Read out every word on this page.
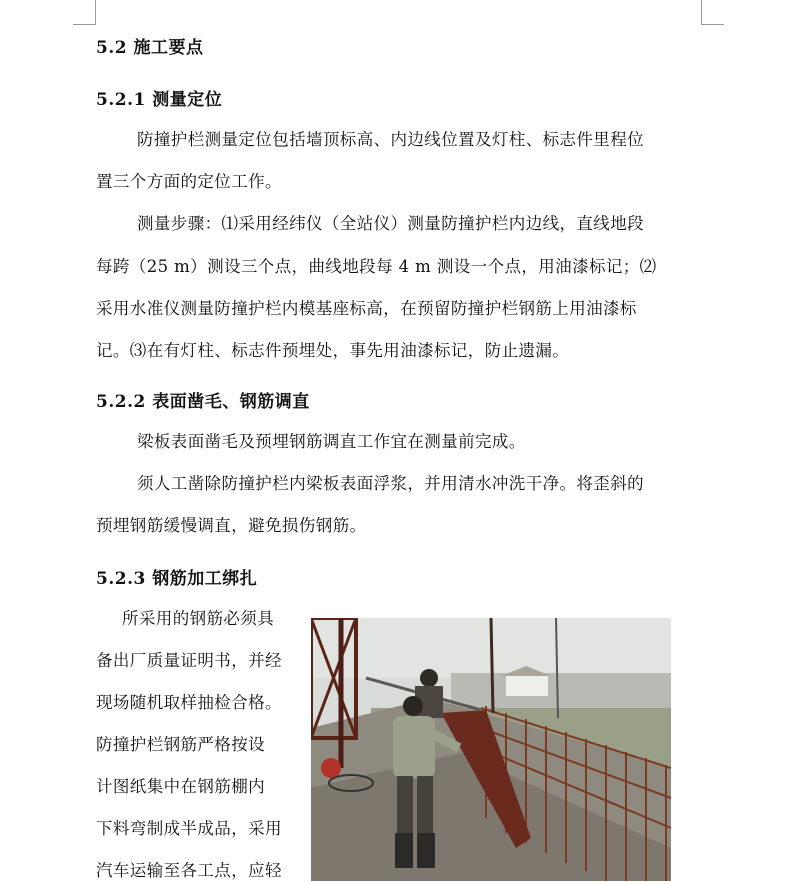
5.2 施工要点
5.2.1 测量定位

防撞护栏测量定位包括墙顶标高、内边线位置及灯柱、标志件里程位

置三个方面的定位工作。

测量步骤：⑴采用经纬仪（全站仪）测量防撞护栏内边线，直线地段

每跨（25 m）测设三个点，曲线地段每 4 m 测设一个点，用油漆标记；⑵

采用水准仪测量防撞护栏内模基座标高，在预留防撞护栏钢筋上用油漆标

记。⑶在有灯柱、标志件预埋处，事先用油漆标记，防止遗漏。

5.2.2 表面凿毛、钢筋调直

梁板表面凿毛及预埋钢筋调直工作宜在测量前完成。

须人工凿除防撞护栏内梁板表面浮浆，并用清水冲洗干净。将歪斜的

预埋钢筋缓慢调直，避免损伤钢筋。

5.2.3 钢筋加工绑扎

所采用的钢筋必须具

备出厂质量证明书，并经

现场随机取样抽检合格。

防撞护栏钢筋严格按设

计图纸集中在钢筋棚内

下料弯制成半成品，采用

汽车运输至各工点，应轻
